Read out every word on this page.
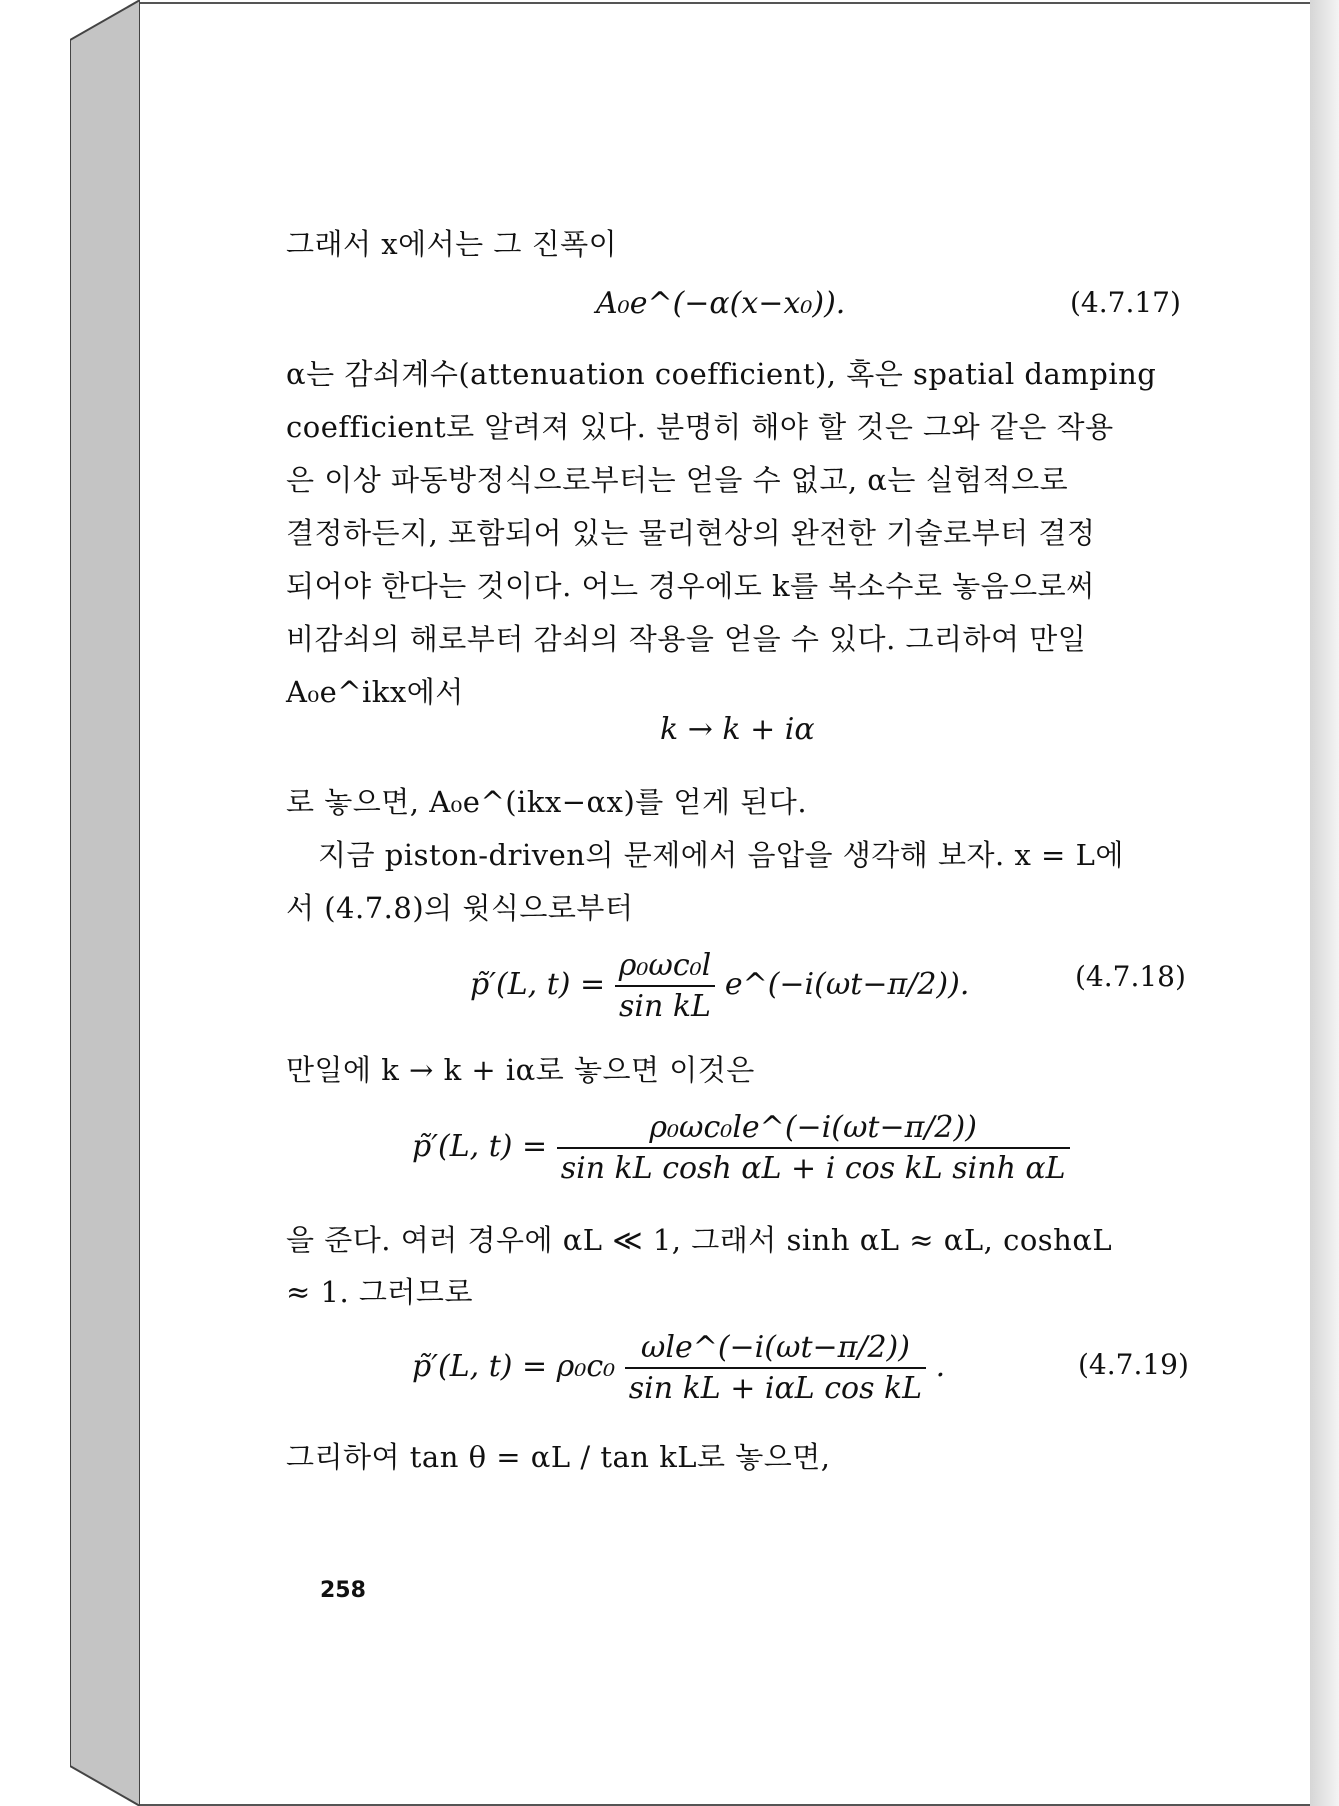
그래서 x에서는 그 진폭이
A₀e^(−α(x−x₀)).	(4.7.17)
α는 감쇠계수(attenuation coefficient), 혹은 spatial damping
coefficient로 알려져 있다. 분명히 해야 할 것은 그와 같은 작용
은 이상 파동방정식으로부터는 얻을 수 없고, α는 실험적으로
결정하든지, 포함되어 있는 물리현상의 완전한 기술로부터 결정
되어야 한다는 것이다. 어느 경우에도 k를 복소수로 놓음으로써
비감쇠의 해로부터 감쇠의 작용을 얻을 수 있다. 그리하여 만일
A₀e^ikx에서
k → k + iα
로 놓으면, A₀e^(ikx−αx)를 얻게 된다.
지금 piston-driven의 문제에서 음압을 생각해 보자. x = L에
서 (4.7.8)의 윗식으로부터
p̃′(L, $t) = \frac{\text{ρ₀ωc₀l}}{\text{sin kL}}$ e^(−i(ωt−π/2)).	(4.7.18)
만일에 k → k + iα로 놓으면 이것은
p̃′(L, $t) = \frac{\text{ρ₀ωc₀le\textasciicircum{}(−i(ωt−π/2))}}{\text{sin kL cosh αL + i cos kL sinh αL}}$
을 준다. 여러 경우에 αL ≪ 1, 그래서 sinh αL ≈ αL, coshαL
≈ 1. 그러므로
p̃′(L, $t) = \rho_0c_0 \frac{\text{ωle\textasciicircum{}(−i(ωt−π/2))}}{\text{sin kL + iαL cos kL}}$ .	(4.7.19)
그리하여 tan θ = αL / tan kL로 놓으면,
258
